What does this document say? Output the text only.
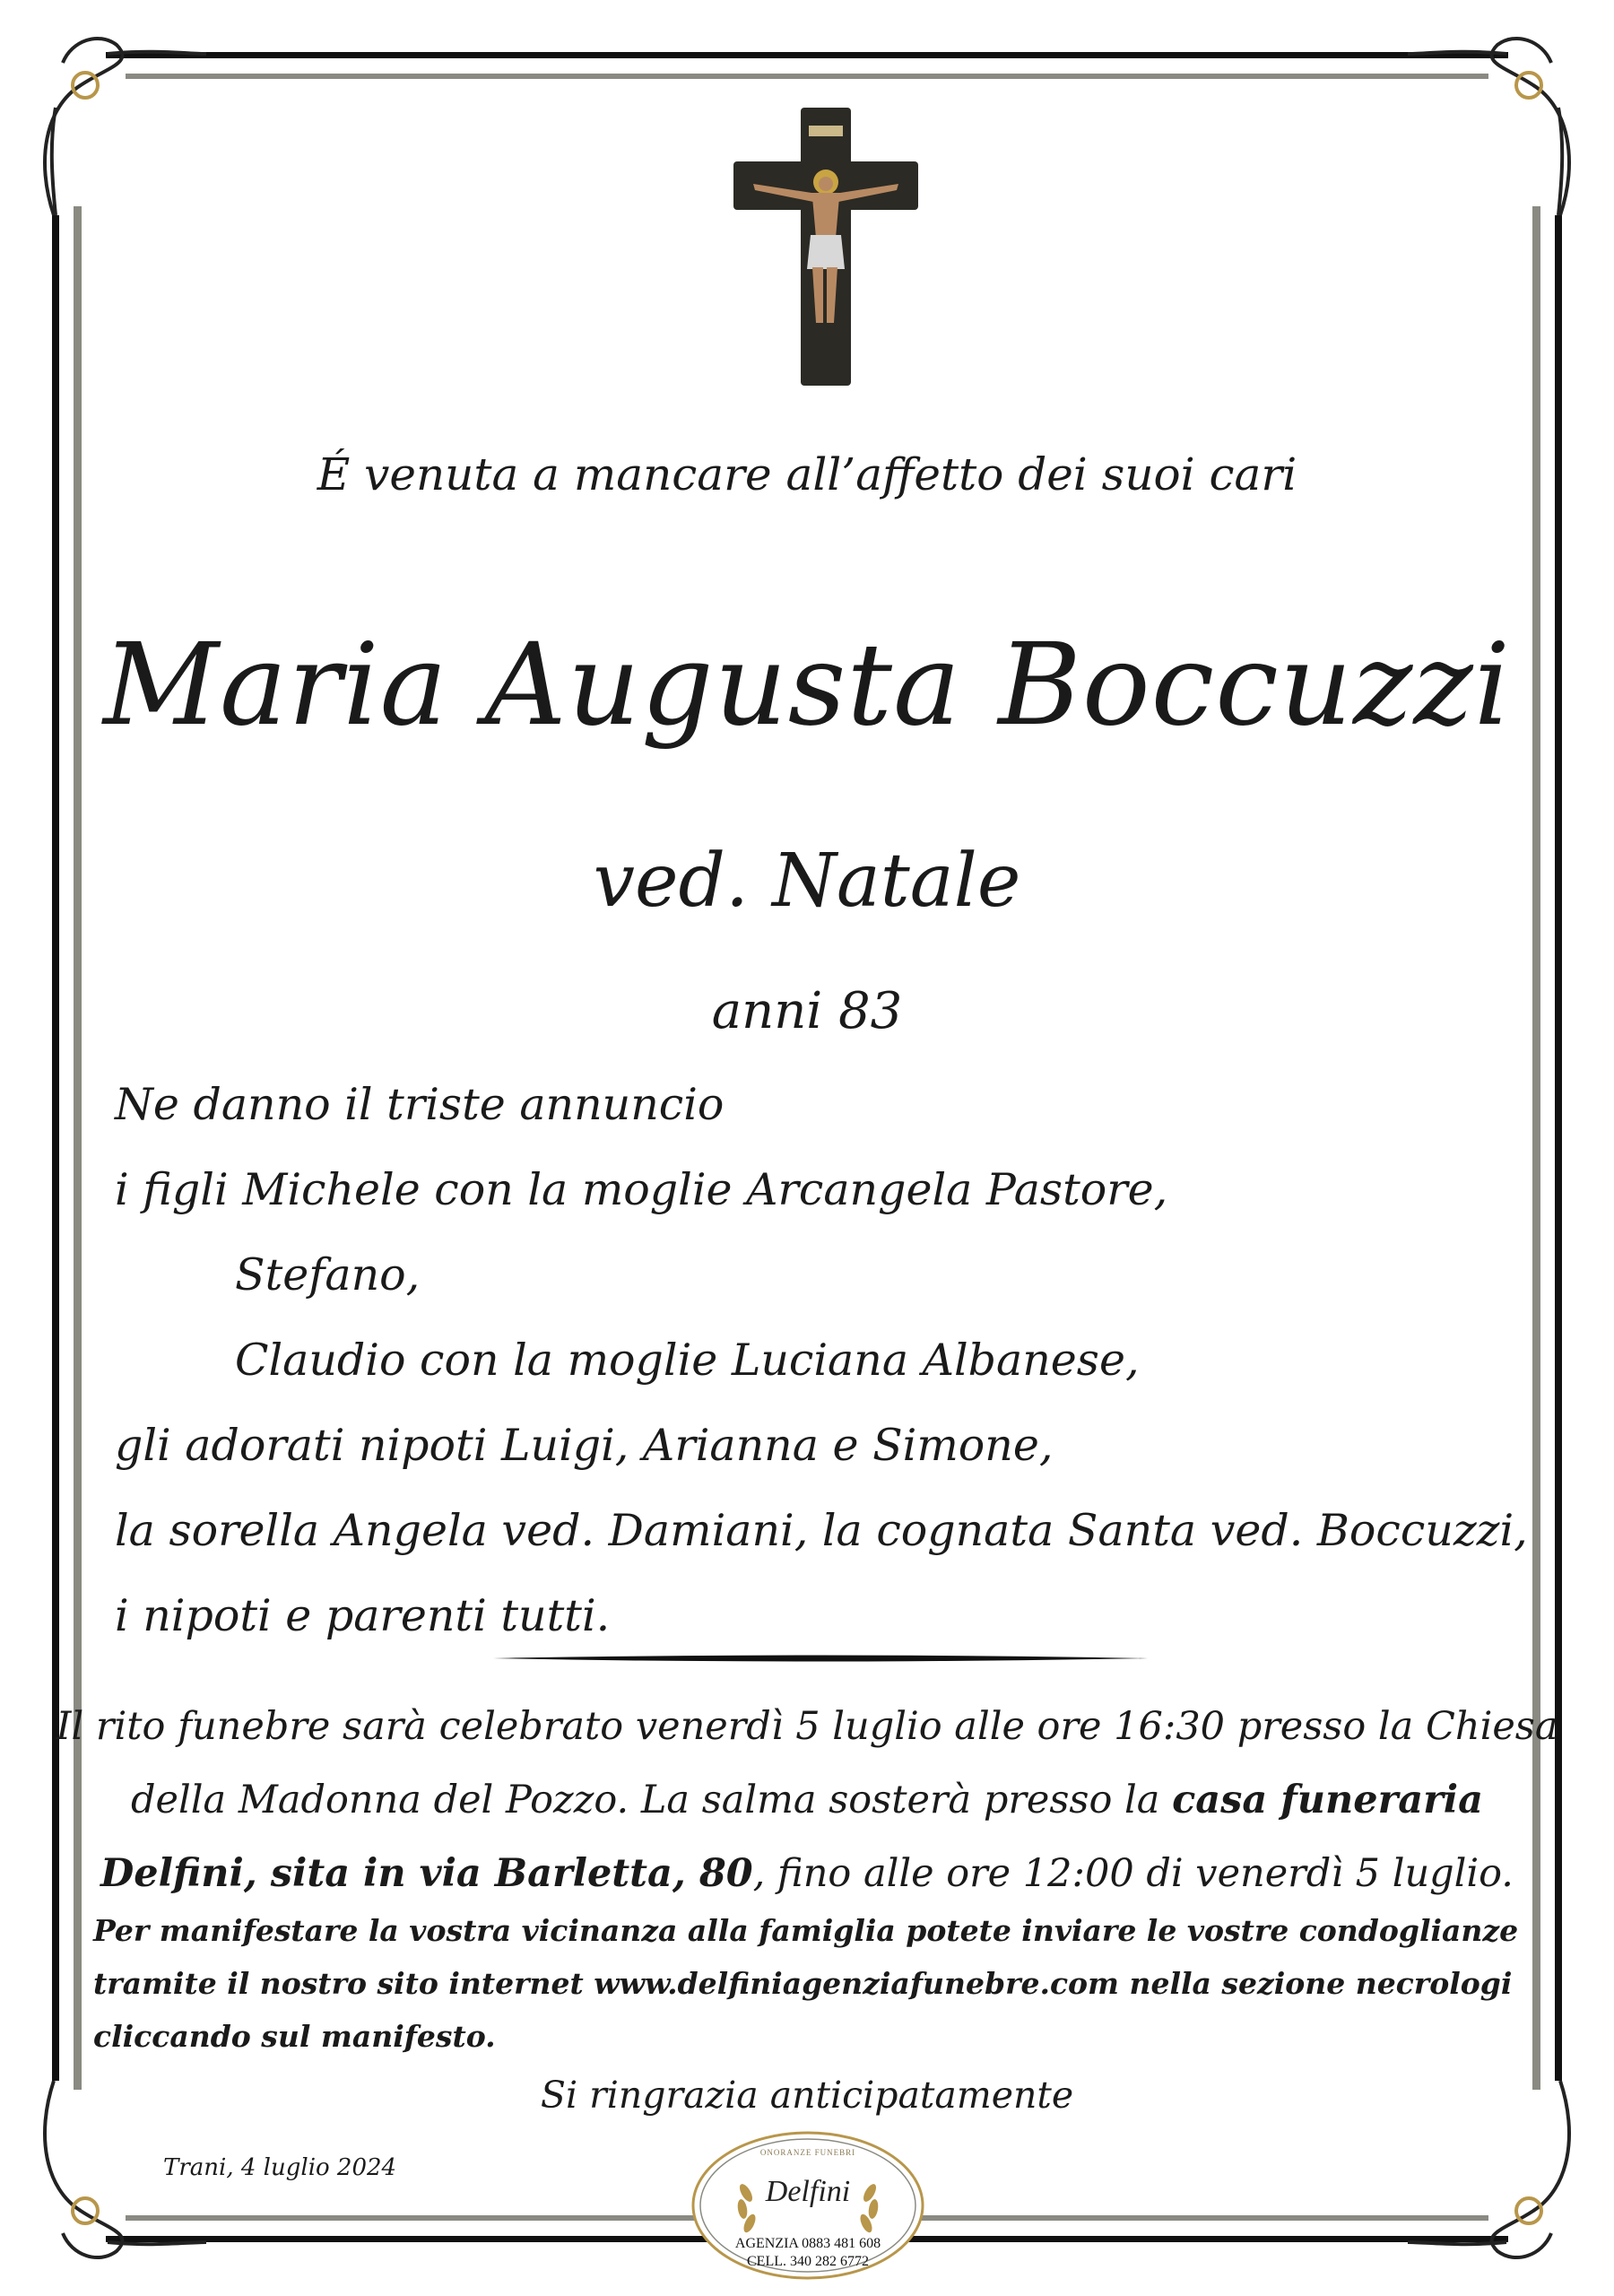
É venuta a mancare all’affetto dei suoi cari
Maria Augusta Boccuzzi
ved. Natale
anni 83
Ne danno il triste annuncio
i figli Michele con la moglie Arcangela Pastore,
Stefano,
Claudio con la moglie Luciana Albanese,
gli adorati nipoti Luigi, Arianna e Simone,
la sorella Angela ved. Damiani, la cognata Santa ved. Boccuzzi,
i nipoti e parenti tutti.
Il rito funebre sarà celebrato venerdì 5 luglio alle ore 16:30 presso la Chiesa
della Madonna del Pozzo. La salma sosterà presso la casa funeraria
Delfini, sita in via Barletta, 80, fino alle ore 12:00 di venerdì 5 luglio.
Per manifestare la vostra vicinanza alla famiglia potete inviare le vostre condoglianze
tramite il nostro sito internet www.delfiniagenziafunebre.com nella sezione necrologi
cliccando sul manifesto.
Si ringrazia anticipatamente
Trani, 4 luglio 2024
ONORANZE FUNEBRI
Delfini
AGENZIA 0883 481 608
CELL. 340 282 6772
